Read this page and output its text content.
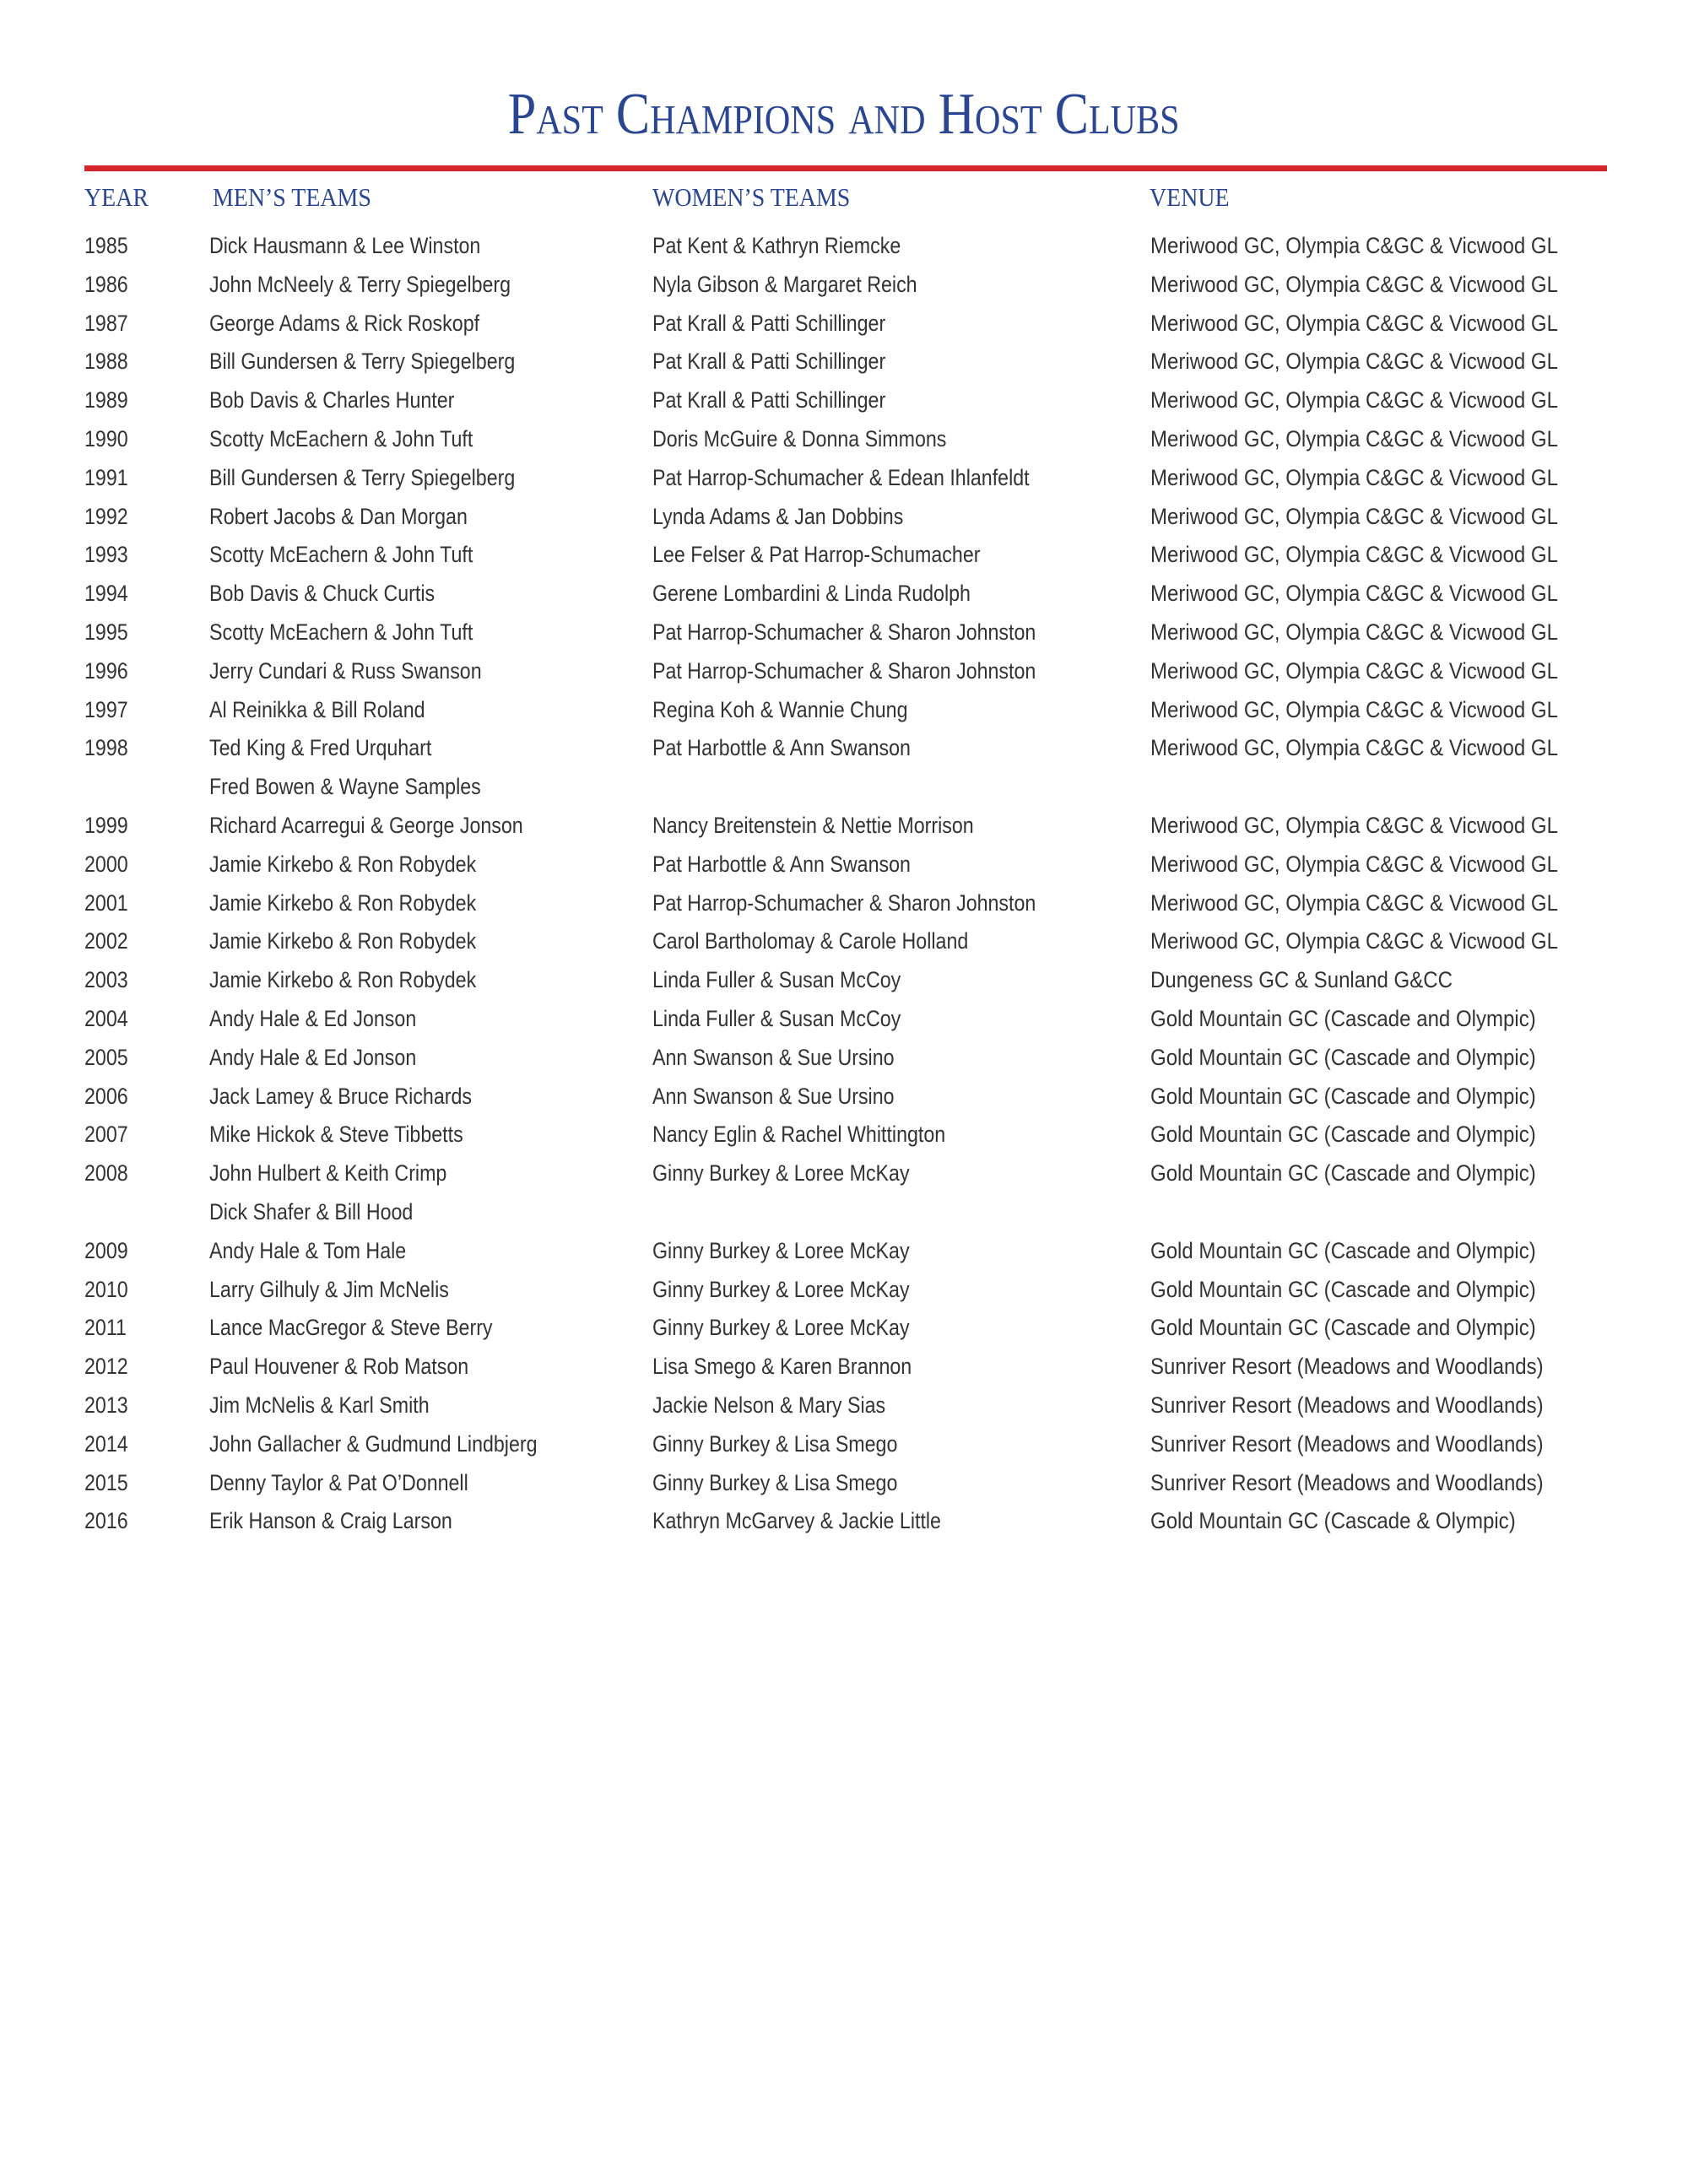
Past Champions and Host Clubs
YEAR MEN’S TEAMS	WOMEN’S TEAMS	VENUE
1985	Dick Hausmann & Lee Winston	Pat Kent & Kathryn Riemcke	Meriwood GC, Olympia C&GC & Vicwood GL
1986	John McNeely & Terry Spiegelberg	Nyla Gibson & Margaret Reich	Meriwood GC, Olympia C&GC & Vicwood GL
1987	George Adams & Rick Roskopf	Pat Krall & Patti Schillinger	Meriwood GC, Olympia C&GC & Vicwood GL
1988	Bill Gundersen & Terry Spiegelberg	Pat Krall & Patti Schillinger	Meriwood GC, Olympia C&GC & Vicwood GL
1989	Bob Davis & Charles Hunter	Pat Krall & Patti Schillinger	Meriwood GC, Olympia C&GC & Vicwood GL
1990	Scotty McEachern & John Tuft	Doris McGuire & Donna Simmons	Meriwood GC, Olympia C&GC & Vicwood GL
1991	Bill Gundersen & Terry Spiegelberg	Pat Harrop-Schumacher & Edean Ihlanfeldt	Meriwood GC, Olympia C&GC & Vicwood GL
1992	Robert Jacobs & Dan Morgan	Lynda Adams & Jan Dobbins	Meriwood GC, Olympia C&GC & Vicwood GL
1993	Scotty McEachern & John Tuft	Lee Felser & Pat Harrop-Schumacher	Meriwood GC, Olympia C&GC & Vicwood GL
1994	Bob Davis & Chuck Curtis	Gerene Lombardini & Linda Rudolph	Meriwood GC, Olympia C&GC & Vicwood GL
1995	Scotty McEachern & John Tuft	Pat Harrop-Schumacher & Sharon Johnston	Meriwood GC, Olympia C&GC & Vicwood GL
1996	Jerry Cundari & Russ Swanson	Pat Harrop-Schumacher & Sharon Johnston	Meriwood GC, Olympia C&GC & Vicwood GL
1997	Al Reinikka & Bill Roland	Regina Koh & Wannie Chung	Meriwood GC, Olympia C&GC & Vicwood GL
1998	Ted King & Fred Urquhart	Pat Harbottle & Ann Swanson	Meriwood GC, Olympia C&GC & Vicwood GL
Fred Bowen & Wayne Samples
1999	Richard Acarregui & George Jonson	Nancy Breitenstein & Nettie Morrison	Meriwood GC, Olympia C&GC & Vicwood GL
2000	Jamie Kirkebo & Ron Robydek	Pat Harbottle & Ann Swanson	Meriwood GC, Olympia C&GC & Vicwood GL
2001	Jamie Kirkebo & Ron Robydek	Pat Harrop-Schumacher & Sharon Johnston	Meriwood GC, Olympia C&GC & Vicwood GL
2002	Jamie Kirkebo & Ron Robydek	Carol Bartholomay & Carole Holland	Meriwood GC, Olympia C&GC & Vicwood GL
2003	Jamie Kirkebo & Ron Robydek	Linda Fuller & Susan McCoy	Dungeness GC & Sunland G&CC
2004	Andy Hale & Ed Jonson	Linda Fuller & Susan McCoy	Gold Mountain GC (Cascade and Olympic)
2005	Andy Hale & Ed Jonson	Ann Swanson & Sue Ursino	Gold Mountain GC (Cascade and Olympic)
2006	Jack Lamey & Bruce Richards	Ann Swanson & Sue Ursino	Gold Mountain GC (Cascade and Olympic)
2007	Mike Hickok & Steve Tibbetts	Nancy Eglin & Rachel Whittington	Gold Mountain GC (Cascade and Olympic)
2008	John Hulbert & Keith Crimp	Ginny Burkey & Loree McKay	Gold Mountain GC (Cascade and Olympic)
Dick Shafer & Bill Hood
2009	Andy Hale & Tom Hale	Ginny Burkey & Loree McKay	Gold Mountain GC (Cascade and Olympic)
2010	Larry Gilhuly & Jim McNelis	Ginny Burkey & Loree McKay	Gold Mountain GC (Cascade and Olympic)
2011	Lance MacGregor & Steve Berry	Ginny Burkey & Loree McKay	Gold Mountain GC (Cascade and Olympic)
2012	Paul Houvener & Rob Matson	Lisa Smego & Karen Brannon	Sunriver Resort (Meadows and Woodlands)
2013	Jim McNelis & Karl Smith	Jackie Nelson & Mary Sias	Sunriver Resort (Meadows and Woodlands)
2014	John Gallacher & Gudmund Lindbjerg	Ginny Burkey & Lisa Smego	Sunriver Resort (Meadows and Woodlands)
2015	Denny Taylor & Pat O’Donnell	Ginny Burkey & Lisa Smego	Sunriver Resort (Meadows and Woodlands)
2016	Erik Hanson & Craig Larson	Kathryn McGarvey & Jackie Little	Gold Mountain GC (Cascade & Olympic)
